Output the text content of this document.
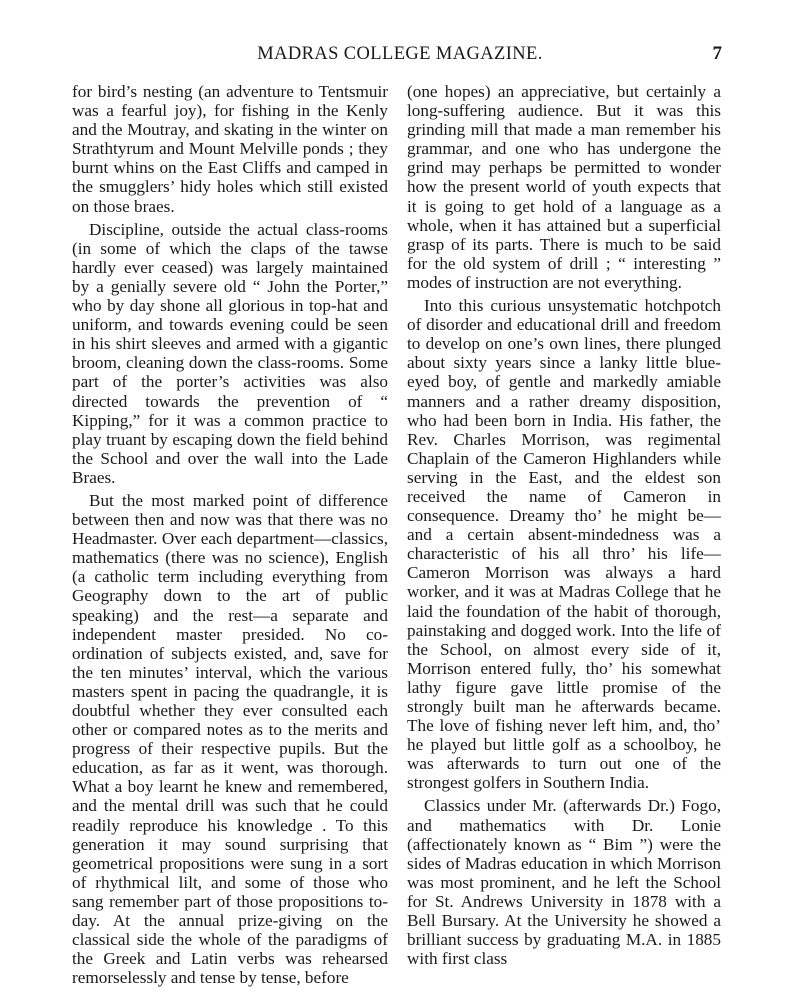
MADRAS COLLEGE MAGAZINE.	7

for bird’s nesting (an adventure to Tentsmuir was a fearful joy), for fishing in the Kenly and the Moutray, and skating in the winter on Strathtyrum and Mount Melville ponds ; they burnt whins on the East Cliffs and camped in the smugglers’ hidy holes which still existed on those braes.

Discipline, outside the actual class-rooms (in some of which the claps of the tawse hardly ever ceased) was largely maintained by a genially severe old “ John the Porter,” who by day shone all glorious in top-hat and uniform, and towards evening could be seen in his shirt sleeves and armed with a gigantic broom, cleaning down the class-rooms. Some part of the porter’s activities was also directed towards the prevention of “ Kipping,” for it was a common practice to play truant by escaping down the field behind the School and over the wall into the Lade Braes.

But the most marked point of difference between then and now was that there was no Headmaster. Over each department—classics, mathematics (there was no science), English (a catholic term including everything from Geography down to the art of public speaking) and the rest—a separate and independent master presided. No co-ordination of subjects existed, and, save for the ten minutes’ interval, which the various masters spent in pacing the quadrangle, it is doubtful whether they ever consulted each other or compared notes as to the merits and progress of their respective pupils. But the education, as far as it went, was thorough. What a boy learnt he knew and remembered, and the mental drill was such that he could readily reproduce his knowledge . To this generation it may sound surprising that geometrical propositions were sung in a sort of rhythmical lilt, and some of those who sang remember part of those propositions to-day. At the annual prize-giving on the classical side the whole of the paradigms of the Greek and Latin verbs was rehearsed remorselessly and tense by tense, before

(one hopes) an appreciative, but certainly a long-suffering audience. But it was this grinding mill that made a man remember his grammar, and one who has undergone the grind may perhaps be permitted to wonder how the present world of youth expects that it is going to get hold of a language as a whole, when it has attained but a superficial grasp of its parts. There is much to be said for the old system of drill ; “ interesting ” modes of instruction are not everything.

Into this curious unsystematic hotchpotch of disorder and educational drill and freedom to develop on one’s own lines, there plunged about sixty years since a lanky little blue-eyed boy, of gentle and markedly amiable manners and a rather dreamy disposition, who had been born in India. His father, the Rev. Charles Morrison, was regimental Chaplain of the Cameron Highlanders while serving in the East, and the eldest son received the name of Cameron in consequence. Dreamy tho’ he might be— and a certain absent-mindedness was a characteristic of his all thro’ his life—Cameron Morrison was always a hard worker, and it was at Madras College that he laid the foundation of the habit of thorough, painstaking and dogged work. Into the life of the School, on almost every side of it, Morrison entered fully, tho’ his somewhat lathy figure gave little promise of the strongly built man he afterwards became. The love of fishing never left him, and, tho’ he played but little golf as a schoolboy, he was afterwards to turn out one of the strongest golfers in Southern India.

Classics under Mr. (afterwards Dr.) Fogo, and mathematics with Dr. Lonie (affectionately known as “ Bim ”) were the sides of Madras education in which Morrison was most prominent, and he left the School for St. Andrews University in 1878 with a Bell Bursary. At the University he showed a brilliant success by graduating M.A. in 1885 with first class
